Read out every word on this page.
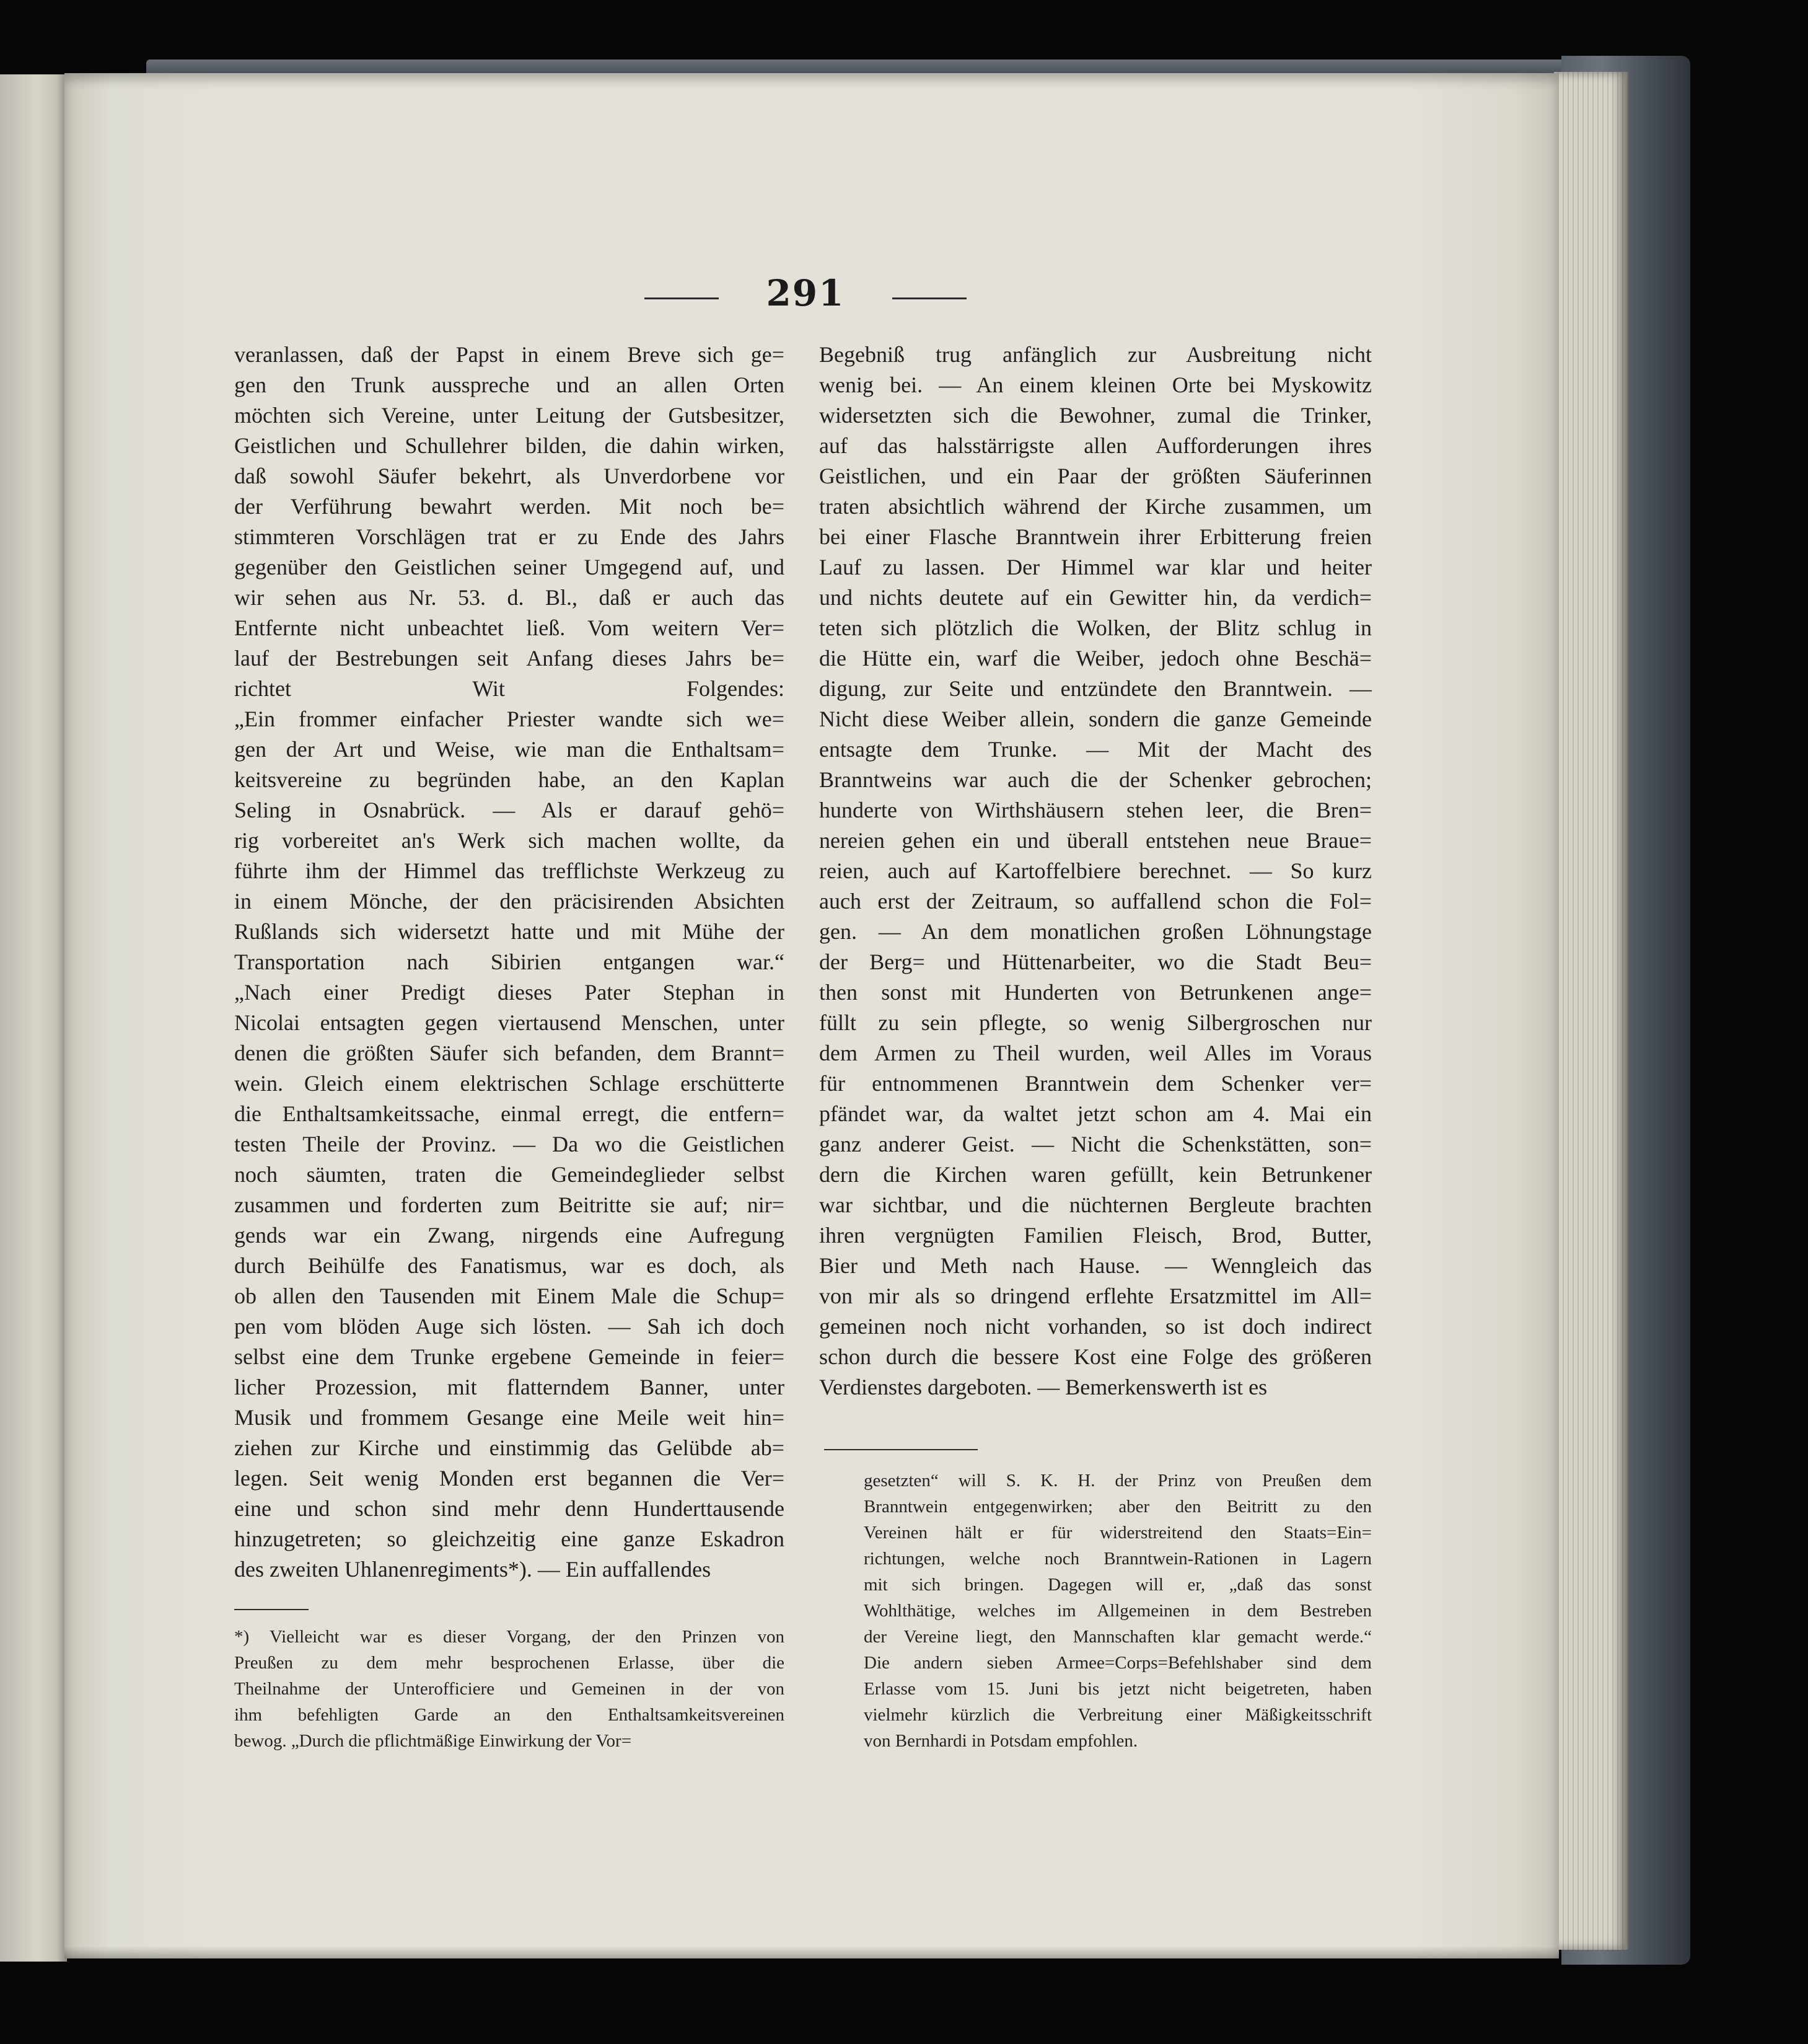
291
veranlassen, daß der Papst in einem Breve sich ge=
gen den Trunk ausspreche und an allen Orten
möchten sich Vereine, unter Leitung der Gutsbesitzer,
Geistlichen und Schullehrer bilden, die dahin wirken,
daß sowohl Säufer bekehrt, als Unverdorbene vor
der Verführung bewahrt werden. Mit noch be=
stimmteren Vorschlägen trat er zu Ende des Jahrs
gegenüber den Geistlichen seiner Umgegend auf, und
wir sehen aus Nr. 53. d. Bl., daß er auch das
Entfernte nicht unbeachtet ließ. Vom weitern Ver=
lauf der Bestrebungen seit Anfang dieses Jahrs be=
richtet Wit Folgendes:
„Ein frommer einfacher Priester wandte sich we=
gen der Art und Weise, wie man die Enthaltsam=
keitsvereine zu begründen habe, an den Kaplan
Seling in Osnabrück. — Als er darauf gehö=
rig vorbereitet an's Werk sich machen wollte, da
führte ihm der Himmel das trefflichste Werkzeug zu
in einem Mönche, der den präcisirenden Absichten
Rußlands sich widersetzt hatte und mit Mühe der
Transportation nach Sibirien entgangen war.“
„Nach einer Predigt dieses Pater Stephan in
Nicolai entsagten gegen viertausend Menschen, unter
denen die größten Säufer sich befanden, dem Brannt=
wein. Gleich einem elektrischen Schlage erschütterte
die Enthaltsamkeitssache, einmal erregt, die entfern=
testen Theile der Provinz. — Da wo die Geistlichen
noch säumten, traten die Gemeindeglieder selbst
zusammen und forderten zum Beitritte sie auf; nir=
gends war ein Zwang, nirgends eine Aufregung
durch Beihülfe des Fanatismus, war es doch, als
ob allen den Tausenden mit Einem Male die Schup=
pen vom blöden Auge sich lösten. — Sah ich doch
selbst eine dem Trunke ergebene Gemeinde in feier=
licher Prozession, mit flatterndem Banner, unter
Musik und frommem Gesange eine Meile weit hin=
ziehen zur Kirche und einstimmig das Gelübde ab=
legen. Seit wenig Monden erst begannen die Ver=
eine und schon sind mehr denn Hunderttausende
hinzugetreten; so gleichzeitig eine ganze Eskadron
des zweiten Uhlanenregiments*). — Ein auffallendes
Begebniß trug anfänglich zur Ausbreitung nicht
wenig bei. — An einem kleinen Orte bei Myskowitz
widersetzten sich die Bewohner, zumal die Trinker,
auf das halsstärrigste allen Aufforderungen ihres
Geistlichen, und ein Paar der größten Säuferinnen
traten absichtlich während der Kirche zusammen, um
bei einer Flasche Branntwein ihrer Erbitterung freien
Lauf zu lassen. Der Himmel war klar und heiter
und nichts deutete auf ein Gewitter hin, da verdich=
teten sich plötzlich die Wolken, der Blitz schlug in
die Hütte ein, warf die Weiber, jedoch ohne Beschä=
digung, zur Seite und entzündete den Branntwein. —
Nicht diese Weiber allein, sondern die ganze Gemeinde
entsagte dem Trunke. — Mit der Macht des
Branntweins war auch die der Schenker gebrochen;
hunderte von Wirthshäusern stehen leer, die Bren=
nereien gehen ein und überall entstehen neue Braue=
reien, auch auf Kartoffelbiere berechnet. — So kurz
auch erst der Zeitraum, so auffallend schon die Fol=
gen. — An dem monatlichen großen Löhnungstage
der Berg= und Hüttenarbeiter, wo die Stadt Beu=
then sonst mit Hunderten von Betrunkenen ange=
füllt zu sein pflegte, so wenig Silbergroschen nur
dem Armen zu Theil wurden, weil Alles im Voraus
für entnommenen Branntwein dem Schenker ver=
pfändet war, da waltet jetzt schon am 4. Mai ein
ganz anderer Geist. — Nicht die Schenkstätten, son=
dern die Kirchen waren gefüllt, kein Betrunkener
war sichtbar, und die nüchternen Bergleute brachten
ihren vergnügten Familien Fleisch, Brod, Butter,
Bier und Meth nach Hause. — Wenngleich das
von mir als so dringend erflehte Ersatzmittel im All=
gemeinen noch nicht vorhanden, so ist doch indirect
schon durch die bessere Kost eine Folge des größeren
Verdienstes dargeboten. — Bemerkenswerth ist es
*) Vielleicht war es dieser Vorgang, der den Prinzen von
Preußen zu dem mehr besprochenen Erlasse, über die
Theilnahme der Unterofficiere und Gemeinen in der von
ihm befehligten Garde an den Enthaltsamkeitsvereinen
bewog. „Durch die pflichtmäßige Einwirkung der Vor=
gesetzten“ will S. K. H. der Prinz von Preußen dem
Branntwein entgegenwirken; aber den Beitritt zu den
Vereinen hält er für widerstreitend den Staats=Ein=
richtungen, welche noch Branntwein-Rationen in Lagern
mit sich bringen. Dagegen will er, „daß das sonst
Wohlthätige, welches im Allgemeinen in dem Bestreben
der Vereine liegt, den Mannschaften klar gemacht werde.“
Die andern sieben Armee=Corps=Befehlshaber sind dem
Erlasse vom 15. Juni bis jetzt nicht beigetreten, haben
vielmehr kürzlich die Verbreitung einer Mäßigkeitsschrift
von Bernhardi in Potsdam empfohlen.
